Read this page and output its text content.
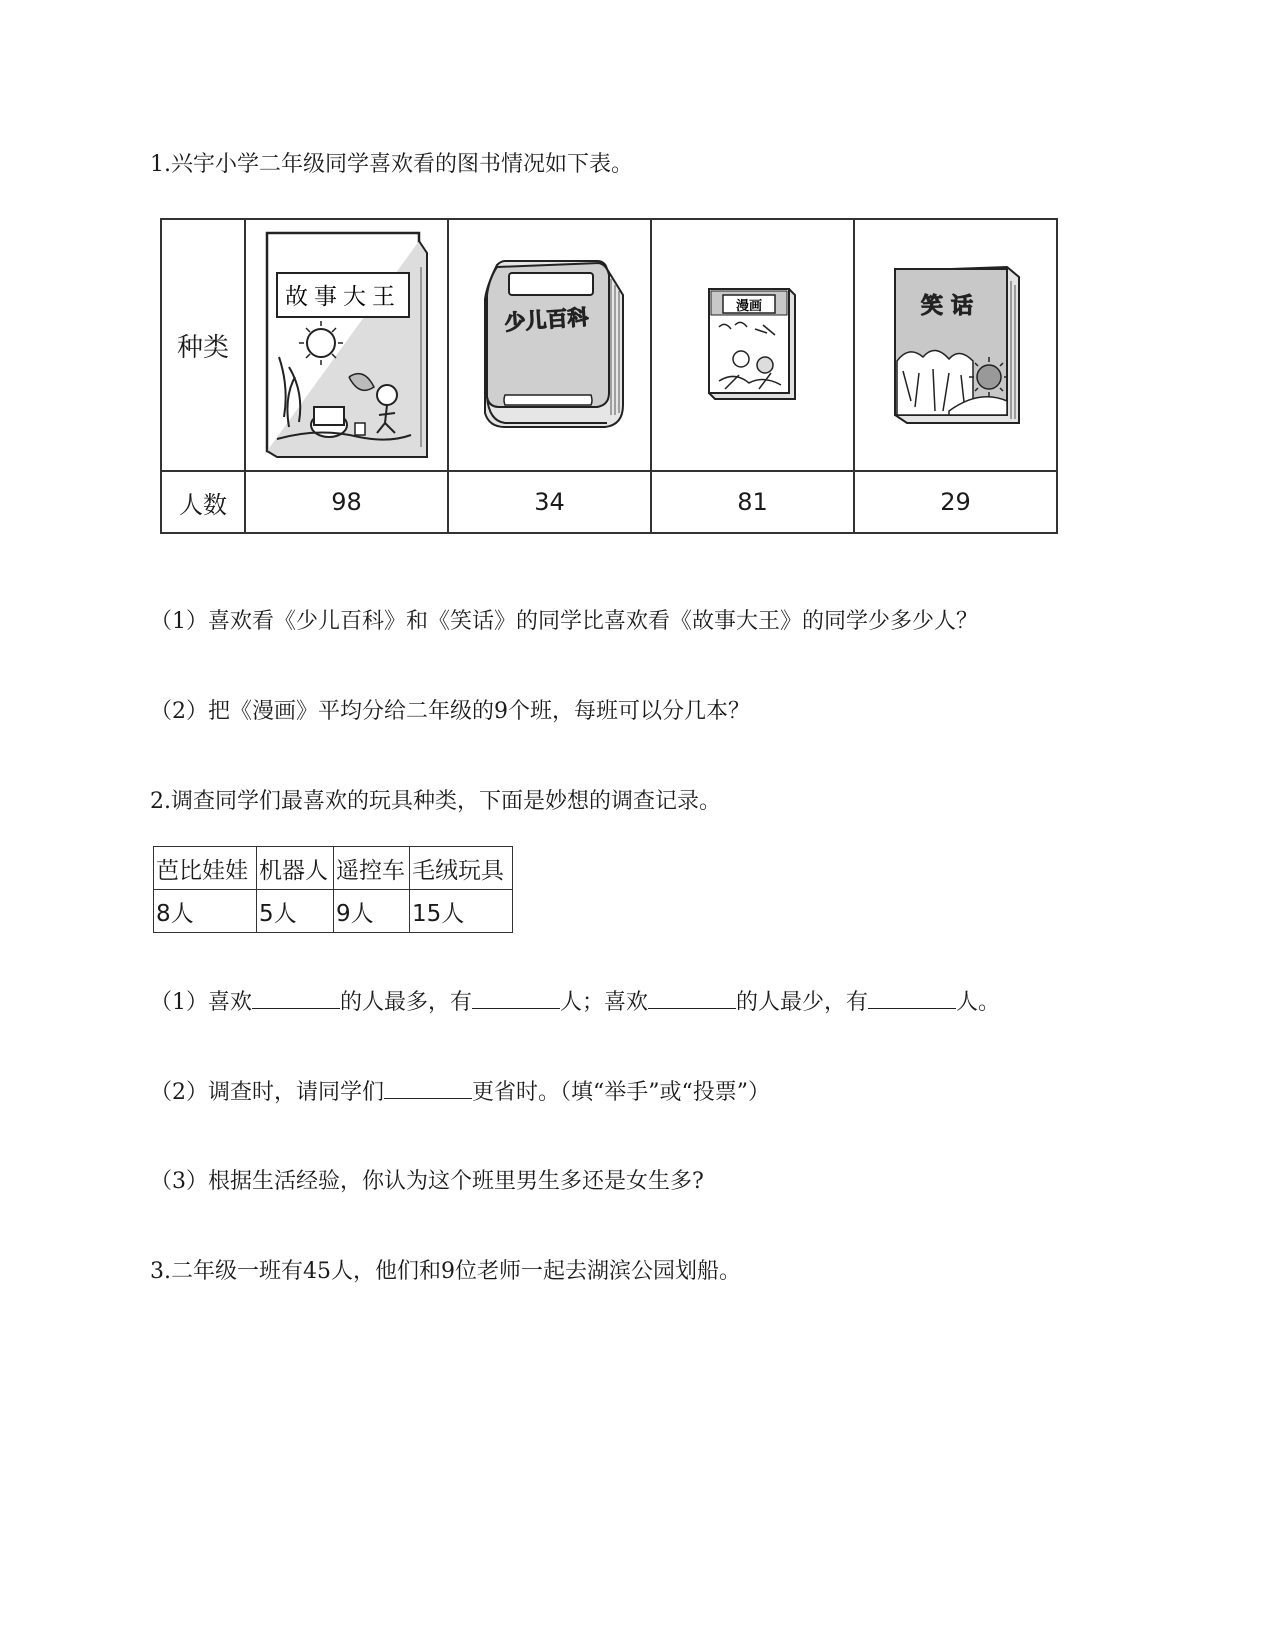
1.兴宇小学二年级同学喜欢看的图书情况如下表。
种类	故事大王	少儿百科	漫画	笑话

人数	98	34	81	29
（1）喜欢看《少儿百科》和《笑话》的同学比喜欢看《故事大王》的同学少多少人？
（2）把《漫画》平均分给二年级的9个班，每班可以分几本？
2.调查同学们最喜欢的玩具种类，下面是妙想的调查记录。
芭比娃娃	机器人	遥控车	毛绒玩具
8人	5人	9人	15人
（1）喜欢	的人最多，有	人；喜欢	的人最少，有	人。
（2）调查时，请同学们	更省时。（填“举手”或“投票”）
（3）根据生活经验，你认为这个班里男生多还是女生多?
3.二年级一班有45人，他们和9位老师一起去湖滨公园划船。
